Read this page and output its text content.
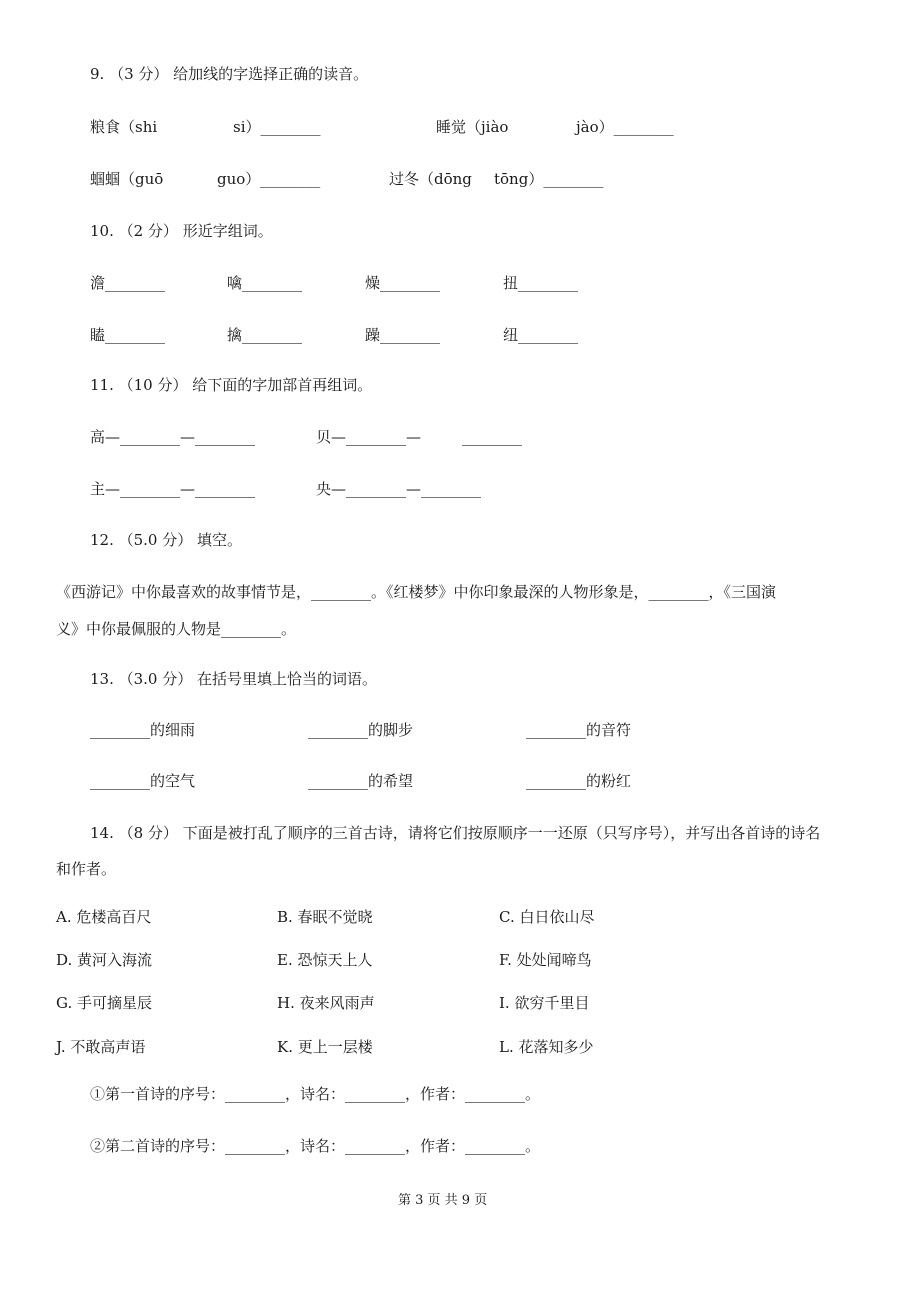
9. （3 分） 给加线的字选择正确的读音。
粮食（shi	si）________	睡觉（jiào	jào）________
蝈蝈（guō	guo）________	过冬（dōng tōng）________
10. （2 分） 形近字组词。
澹________	噙________	燥________	扭________
瞌________	擒________	躁________	纽________
11. （10 分） 给下面的字加部首再组词。
高—________—________	贝—________—	________
主—________—________	央—________—________
12. （5.0 分） 填空。
《西游记》中你最喜欢的故事情节是，________。《红楼梦》中你印象最深的人物形象是，________，《三国演
义》中你最佩服的人物是________。
13. （3.0 分） 在括号里填上恰当的词语。
________的细雨	________的脚步	________的音符
________的空气	________的希望	________的粉红
14. （8 分） 下面是被打乱了顺序的三首古诗，请将它们按原顺序一一还原（只写序号），并写出各首诗的诗名
和作者。
A. 危楼高百尺	B. 春眠不觉晓	C. 白日依山尽
D. 黄河入海流	E. 恐惊天上人	F. 处处闻啼鸟
G. 手可摘星辰	H. 夜来风雨声	I. 欲穷千里目
J. 不敢高声语	K. 更上一层楼	L. 花落知多少
①第一首诗的序号：________，诗名：________，作者：________。
②第二首诗的序号：________，诗名：________，作者：________。
第 3 页 共 9 页
